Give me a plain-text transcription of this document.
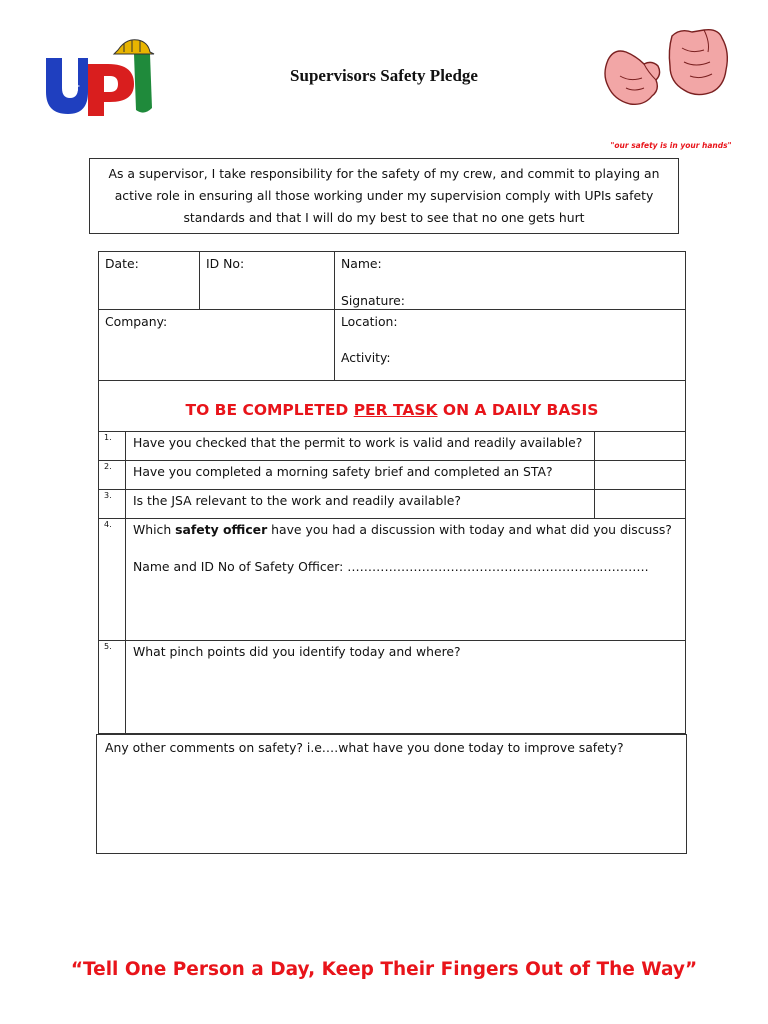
Upstream Saipem	Supervisors Safety Pledge
"our safety is in your hands"
As a supervisor, I take responsibility for the safety of my crew, and commit to playing an active role in ensuring all those working under my supervision comply with UPIs safety standards and that I will do my best to see that no one gets hurt
Date:	ID No:	Name:
Signature:
Company:	Location:
Activity:
TO BE COMPLETED PER TASK ON A DAILY BASIS
1. Have you checked that the permit to work is valid and readily available?
2. Have you completed a morning safety brief and completed an STA?
3. Is the JSA relevant to the work and readily available?
4. Which safety officer have you had a discussion with today and what did you discuss?
Name and ID No of Safety Officer: ……………………………………………………………….
5. What pinch points did you identify today and where?
Any other comments on safety? i.e.…what have you done today to improve safety?
“Tell One Person a Day, Keep Their Fingers Out of The Way”
